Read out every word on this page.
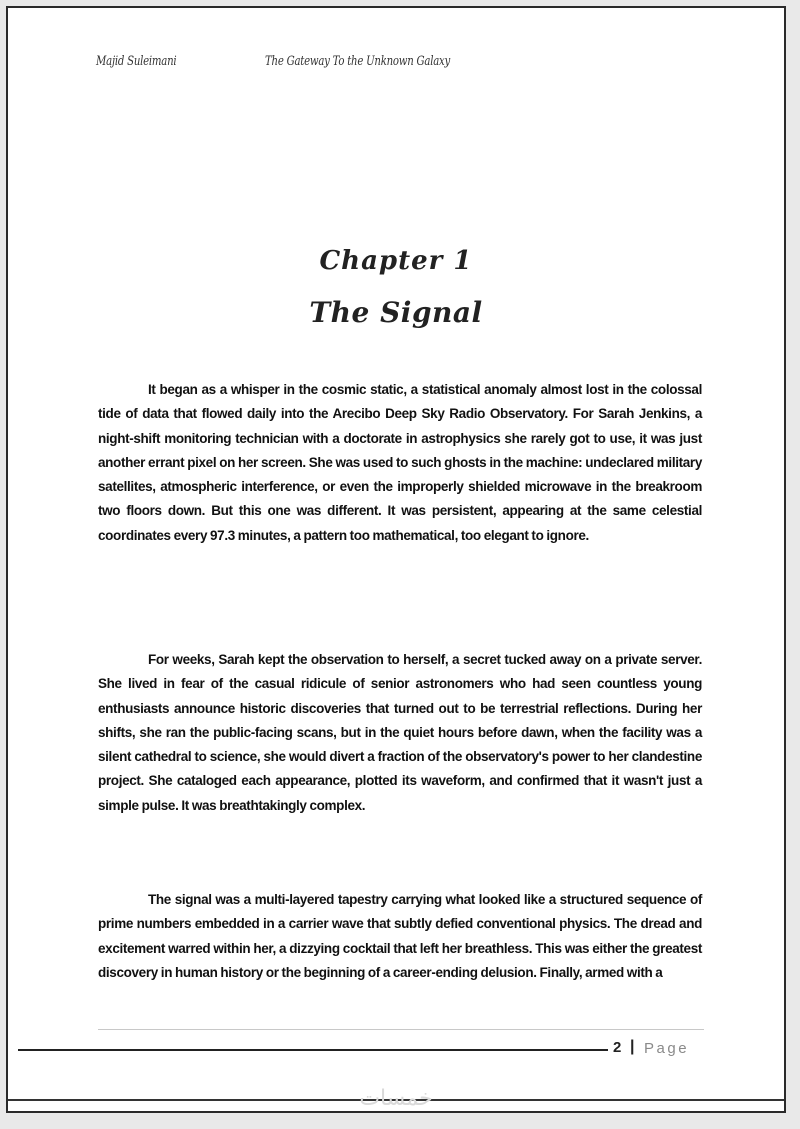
Majid Suleimani	The Gateway To the Unknown Galaxy
Chapter 1
The Signal

It began as a whisper in the cosmic static, a statistical anomaly almost lost in the colossal tide of data that flowed daily into the Arecibo Deep Sky Radio Observatory. For Sarah Jenkins, a night-shift monitoring technician with a doctorate in astrophysics she rarely got to use, it was just another errant pixel on her screen. She was used to such ghosts in the machine: undeclared military satellites, atmospheric interference, or even the improperly shielded microwave in the breakroom two floors down. But this one was different. It was persistent, appearing at the same celestial coordinates every 97.3 minutes, a pattern too mathematical, too elegant to ignore.

For weeks, Sarah kept the observation to herself, a secret tucked away on a private server. She lived in fear of the casual ridicule of senior astronomers who had seen countless young enthusiasts announce historic discoveries that turned out to be terrestrial reflections. During her shifts, she ran the public-facing scans, but in the quiet hours before dawn, when the facility was a silent cathedral to science, she would divert a fraction of the observatory's power to her clandestine project. She cataloged each appearance, plotted its waveform, and confirmed that it wasn't just a simple pulse. It was breathtakingly complex.

The signal was a multi-layered tapestry carrying what looked like a structured sequence of prime numbers embedded in a carrier wave that subtly defied conventional physics. The dread and excitement warred within her, a dizzying cocktail that left her breathless. This was either the greatest discovery in human history or the beginning of a career-ending delusion. Finally, armed with a

2 | Page
خمسات
